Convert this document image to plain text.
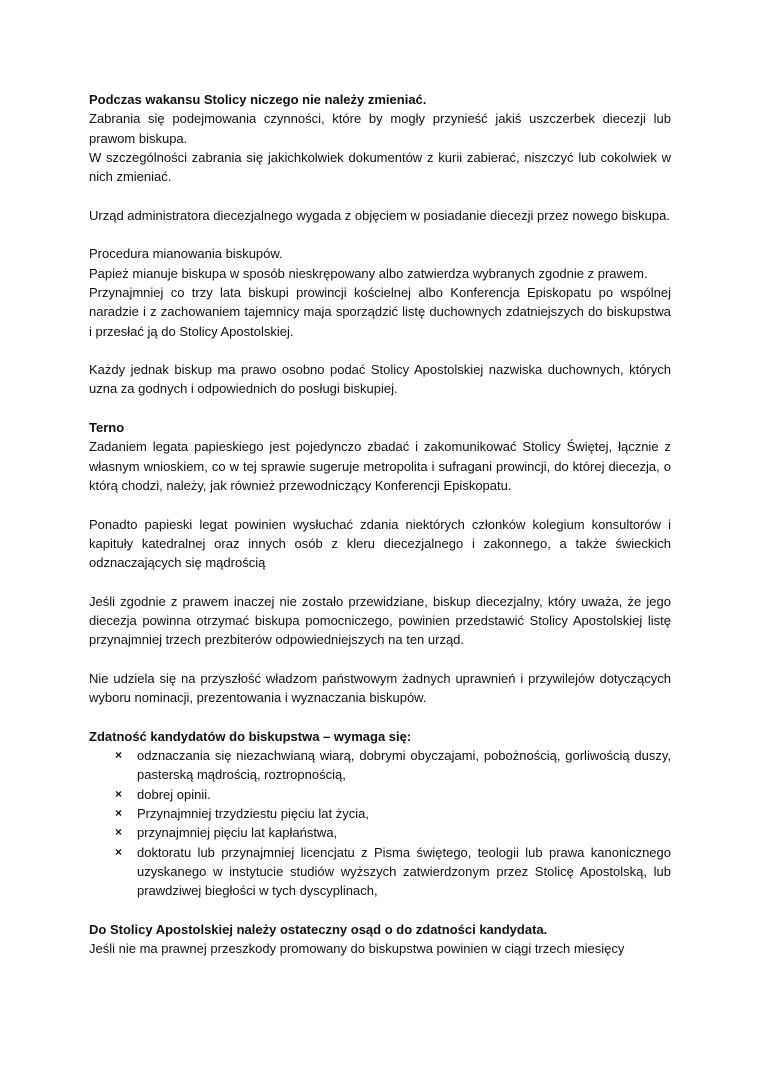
Podczas wakansu Stolicy niczego nie należy zmieniać.

Zabrania się podejmowania czynności, które by mogły przynieść jakiś uszczerbek diecezji lub prawom biskupa.

W szczególności zabrania się jakichkolwiek dokumentów z kurii zabierać, niszczyć lub cokolwiek w nich zmieniać.

Urząd administratora diecezjalnego wygada z objęciem w posiadanie diecezji przez nowego biskupa.

Procedura mianowania biskupów.

Papież mianuje biskupa w sposób nieskrępowany albo zatwierdza wybranych zgodnie z prawem.

Przynajmniej co trzy lata biskupi prowincji kościelnej albo Konferencja Episkopatu po wspólnej naradzie i z zachowaniem tajemnicy maja sporządzić listę duchownych zdatniejszych do biskupstwa i przesłać ją do Stolicy Apostolskiej.

Każdy jednak biskup ma prawo osobno podać Stolicy Apostolskiej nazwiska duchownych, których uzna za godnych i odpowiednich do posługi biskupiej.

Terno

Zadaniem legata papieskiego jest pojedynczo zbadać i zakomunikować Stolicy Świętej, łącznie z własnym wnioskiem, co w tej sprawie sugeruje metropolita i sufragani prowincji, do której diecezja, o którą chodzi, należy, jak również przewodniczący Konferencji Episkopatu.

Ponadto papieski legat powinien wysłuchać zdania niektórych członków kolegium konsultorów i kapituły katedralnej oraz innych osób z kleru diecezjalnego i zakonnego, a także świeckich odznaczających się mądrością

Jeśli zgodnie z prawem inaczej nie zostało przewidziane, biskup diecezjalny, który uważa, że jego diecezja powinna otrzymać biskupa pomocniczego, powinien przedstawić Stolicy Apostolskiej listę przynajmniej trzech prezbiterów odpowiedniejszych na ten urząd.

Nie udziela się na przyszłość władzom państwowym żadnych uprawnień i przywilejów dotyczących wyboru nominacji, prezentowania i wyznaczania biskupów.

Zdatność kandydatów do biskupstwa – wymaga się:

× odznaczania się niezachwianą wiarą, dobrymi obyczajami, pobożnością, gorliwością duszy, pasterską mądrością, roztropnością,
× dobrej opinii.
× Przynajmniej trzydziestu pięciu lat życia,
× przynajmniej pięciu lat kapłaństwa,
× doktoratu lub przynajmniej licencjatu z Pisma świętego, teologii lub prawa kanonicznego uzyskanego w instytucie studiów wyższych zatwierdzonym przez Stolicę Apostolską, lub prawdziwej biegłości w tych dyscyplinach,

Do Stolicy Apostolskiej należy ostateczny osąd o do zdatności kandydata.

Jeśli nie ma prawnej przeszkody promowany do biskupstwa powinien w ciągi trzech miesięcy
